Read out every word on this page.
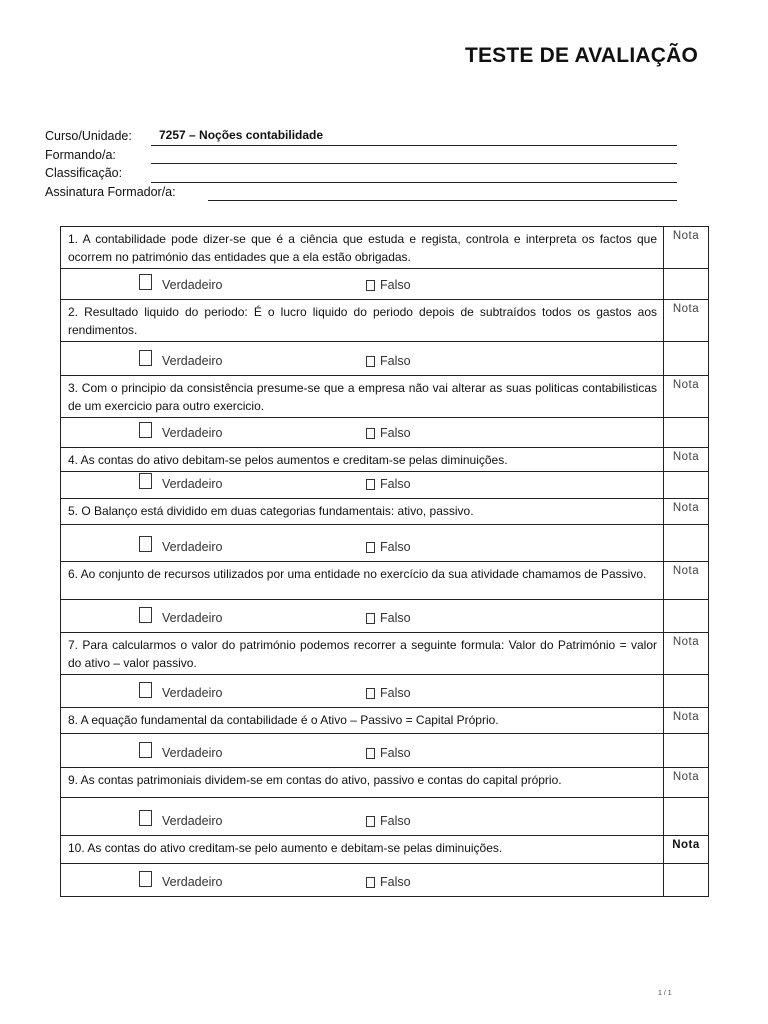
TESTE DE AVALIAÇÃO
Curso/Unidade: 7257 – Noções contabilidade
Formando/a:
Classificação:
Assinatura Formador/a:
1. A contabilidade pode dizer-se que é a ciência que estuda e regista, controla e interpreta os factos que ocorrem no património das entidades que a ela estão obrigadas.	Nota

Verdadeiro Falso	

2. Resultado liquido do periodo: É o lucro liquido do periodo depois de subtraídos todos os gastos aos rendimentos.	Nota

Verdadeiro Falso	

3. Com o principio da consistência presume-se que a empresa não vai alterar as suas politicas contabilisticas de um exercicio para outro exercicio.	Nota

Verdadeiro Falso	

4. As contas do ativo debitam-se pelos aumentos e creditam-se pelas diminuições.	Nota

Verdadeiro Falso	

5. O Balanço está dividido em duas categorias fundamentais: ativo, passivo.	Nota

Verdadeiro Falso	

6. Ao conjunto de recursos utilizados por uma entidade no exercício da sua atividade chamamos de Passivo.	Nota

Verdadeiro Falso	

7. Para calcularmos o valor do património podemos recorrer a seguinte formula: Valor do Património = valor do ativo – valor passivo.	Nota

Verdadeiro Falso	

8. A equação fundamental da contabilidade é o Ativo – Passivo = Capital Próprio.	Nota

Verdadeiro Falso	

9. As contas patrimoniais dividem-se em contas do ativo, passivo e contas do capital próprio.	Nota

Verdadeiro Falso	

10. As contas do ativo creditam-se pelo aumento e debitam-se pelas diminuições.	Nota

Verdadeiro Falso	

1 / 1
